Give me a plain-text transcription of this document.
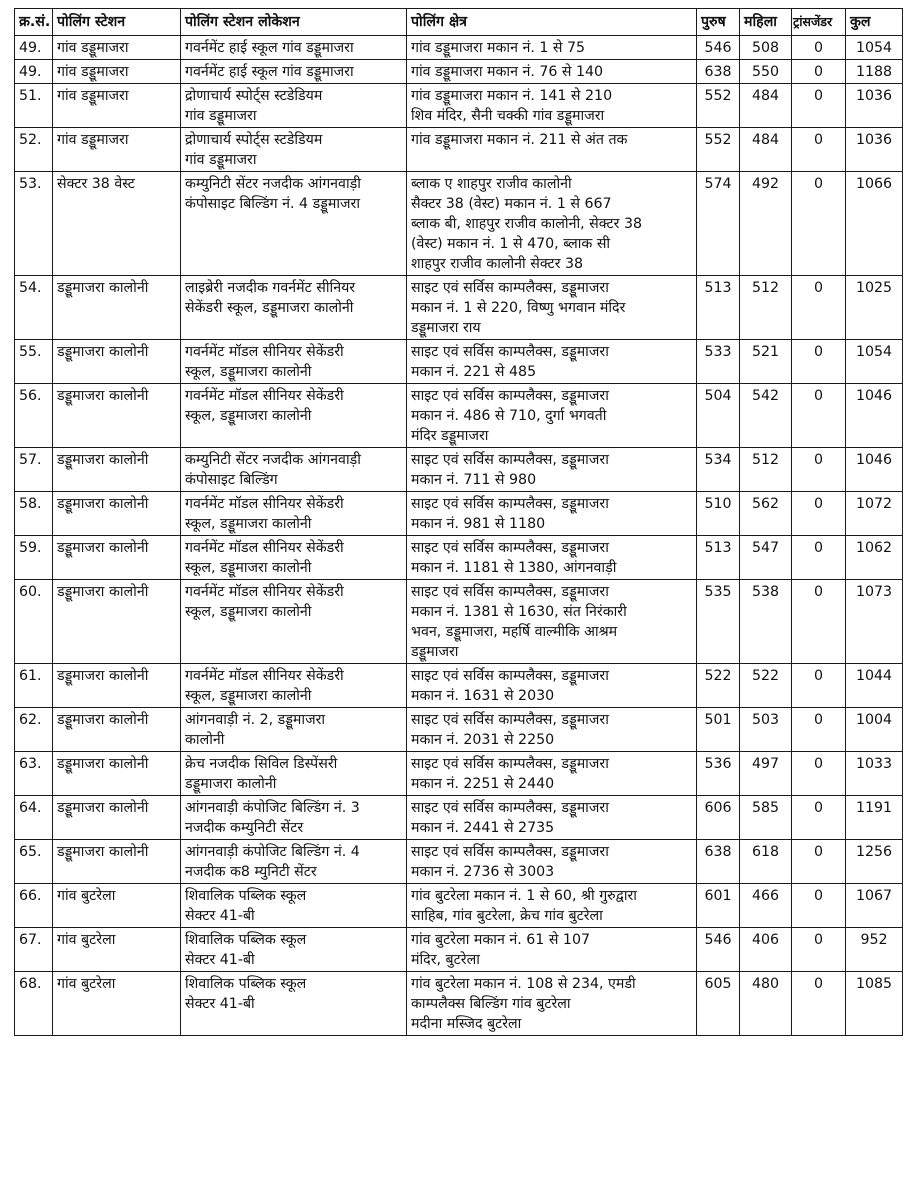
क्र.सं.	पोलिंग स्टेशन	पोलिंग स्टेशन लोकेशन	पोलिंग क्षेत्र	पुरुष	महिला	ट्रांसजेंडर	कुल
49.	गांव डड्डूमाजरा	गवर्नमेंट हाई स्कूल गांव डड्डूमाजरा	गांव डड्डूमाजरा मकान नं. 1 से 75	546	508	0	1054
49.	गांव डड्डूमाजरा	गवर्नमेंट हाई स्कूल गांव डड्डूमाजरा	गांव डड्डूमाजरा मकान नं. 76 से 140	638	550	0	1188
51.	गांव डड्डूमाजरा	द्रोणाचार्य स्पोर्ट्स स्टडेडियम
गांव डड्डूमाजरा	गांव डड्डूमाजरा मकान नं. 141 से 210
शिव मंदिर, सैनी चक्की गांव डड्डूमाजरा	552	484	0	1036
52.	गांव डड्डूमाजरा	द्रोणाचार्य स्पोर्ट्स स्टडेडियम
गांव डड्डूमाजरा	गांव डड्डूमाजरा मकान नं. 211 से अंत तक	552	484	0	1036
53.	सेक्टर 38 वेस्ट	कम्युनिटी सेंटर नजदीक आंगनवाड़ी
कंपोसाइट बिल्डिंग नं. 4 डड्डूमाजरा	ब्लाक ए शाहपुर राजीव कालोनी
सैक्टर 38 (वेस्ट) मकान नं. 1 से 667
ब्लाक बी, शाहपुर राजीव कालोनी, सेक्टर 38
(वेस्ट) मकान नं. 1 से 470, ब्लाक सी
शाहपुर राजीव कालोनी सेक्टर 38	574	492	0	1066
54.	डड्डूमाजरा कालोनी	लाइब्रेरी नजदीक गवर्नमेंट सीनियर
सेकेंडरी स्कूल, डड्डूमाजरा कालोनी	साइट एवं सर्विस काम्पलैक्स, डड्डूमाजरा
मकान नं. 1 से 220, विष्णु भगवान मंदिर
डड्डूमाजरा राय	513	512	0	1025
55.	डड्डूमाजरा कालोनी	गवर्नमेंट मॉडल सीनियर सेकेंडरी
स्कूल, डड्डूमाजरा कालोनी	साइट एवं सर्विस काम्पलैक्स, डड्डूमाजरा
मकान नं. 221 से 485	533	521	0	1054
56.	डड्डूमाजरा कालोनी	गवर्नमेंट मॉडल सीनियर सेकेंडरी
स्कूल, डड्डूमाजरा कालोनी	साइट एवं सर्विस काम्पलैक्स, डड्डूमाजरा
मकान नं. 486 से 710, दुर्गा भगवती
मंदिर डड्डूमाजरा	504	542	0	1046
57.	डड्डूमाजरा कालोनी	कम्युनिटी सेंटर नजदीक आंगनवाड़ी
कंपोसाइट बिल्डिंग	साइट एवं सर्विस काम्पलैक्स, डड्डूमाजरा
मकान नं. 711 से 980	534	512	0	1046
58.	डड्डूमाजरा कालोनी	गवर्नमेंट मॉडल सीनियर सेकेंडरी
स्कूल, डड्डूमाजरा कालोनी	साइट एवं सर्विस काम्पलैक्स, डड्डूमाजरा
मकान नं. 981 से 1180	510	562	0	1072
59.	डड्डूमाजरा कालोनी	गवर्नमेंट मॉडल सीनियर सेकेंडरी
स्कूल, डड्डूमाजरा कालोनी	साइट एवं सर्विस काम्पलैक्स, डड्डूमाजरा
मकान नं. 1181 से 1380, आंगनवाड़ी	513	547	0	1062
60.	डड्डूमाजरा कालोनी	गवर्नमेंट मॉडल सीनियर सेकेंडरी
स्कूल, डड्डूमाजरा कालोनी	साइट एवं सर्विस काम्पलैक्स, डड्डूमाजरा
मकान नं. 1381 से 1630, संत निरंकारी
भवन, डड्डूमाजरा, महर्षि वाल्मीकि आश्रम
डड्डूमाजरा	535	538	0	1073
61.	डड्डूमाजरा कालोनी	गवर्नमेंट मॉडल सीनियर सेकेंडरी
स्कूल, डड्डूमाजरा कालोनी	साइट एवं सर्विस काम्पलैक्स, डड्डूमाजरा
मकान नं. 1631 से 2030	522	522	0	1044
62.	डड्डूमाजरा कालोनी	आंगनवाड़ी नं. 2, डड्डूमाजरा
कालोनी	साइट एवं सर्विस काम्पलैक्स, डड्डूमाजरा
मकान नं. 2031 से 2250	501	503	0	1004
63.	डड्डूमाजरा कालोनी	क्रेच नजदीक सिविल डिस्पेंसरी
डड्डूमाजरा कालोनी	साइट एवं सर्विस काम्पलैक्स, डड्डूमाजरा
मकान नं. 2251 से 2440	536	497	0	1033
64.	डड्डूमाजरा कालोनी	आंगनवाड़ी कंपोजिट बिल्डिंग नं. 3
नजदीक कम्युनिटी सेंटर	साइट एवं सर्विस काम्पलैक्स, डड्डूमाजरा
मकान नं. 2441 से 2735	606	585	0	1191
65.	डड्डूमाजरा कालोनी	आंगनवाड़ी कंपोजिट बिल्डिंग नं. 4
नजदीक क8 म्युनिटी सेंटर	साइट एवं सर्विस काम्पलैक्स, डड्डूमाजरा
मकान नं. 2736 से 3003	638	618	0	1256
66.	गांव बुटरेला	शिवालिक पब्लिक स्कूल
सेक्टर 41-बी	गांव बुटरेला मकान नं. 1 से 60, श्री गुरुद्वारा
साहिब, गांव बुटरेला, क्रेच गांव बुटरेला	601	466	0	1067
67.	गांव बुटरेला	शिवालिक पब्लिक स्कूल
सेक्टर 41-बी	गांव बुटरेला मकान नं. 61 से 107
मंदिर, बुटरेला	546	406	0	952
68.	गांव बुटरेला	शिवालिक पब्लिक स्कूल
सेक्टर 41-बी	गांव बुटरेला मकान नं. 108 से 234, एमडी
काम्पलैक्स बिल्डिंग गांव बुटरेला
मदीना मस्जिद बुटरेला	605	480	0	1085
